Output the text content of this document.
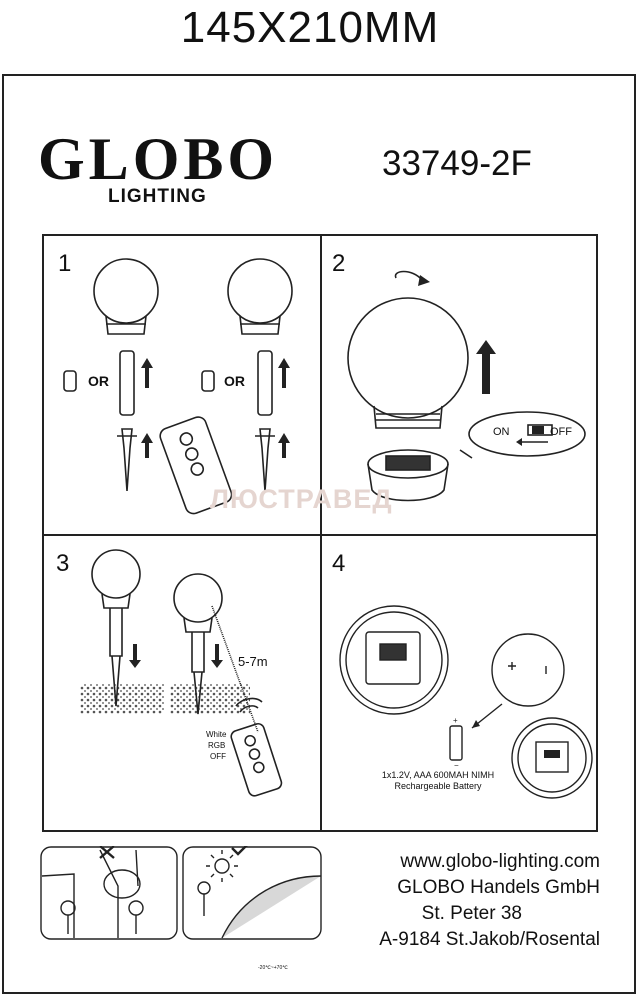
145X210MM
GLOBO
LIGHTING
33749-2F
1
OR	OR
2
ON	OFF
ЛЮСТРАВЕД
3
5-7m
White
RGB
OFF
4
+
−
1x1.2V, AAA 600MAH NIMH
Rechargeable Battery
-20℃~+70℃
www.globo-lighting.com
GLOBO Handels GmbH
St. Peter 38
A-9184 St.Jakob/Rosental
